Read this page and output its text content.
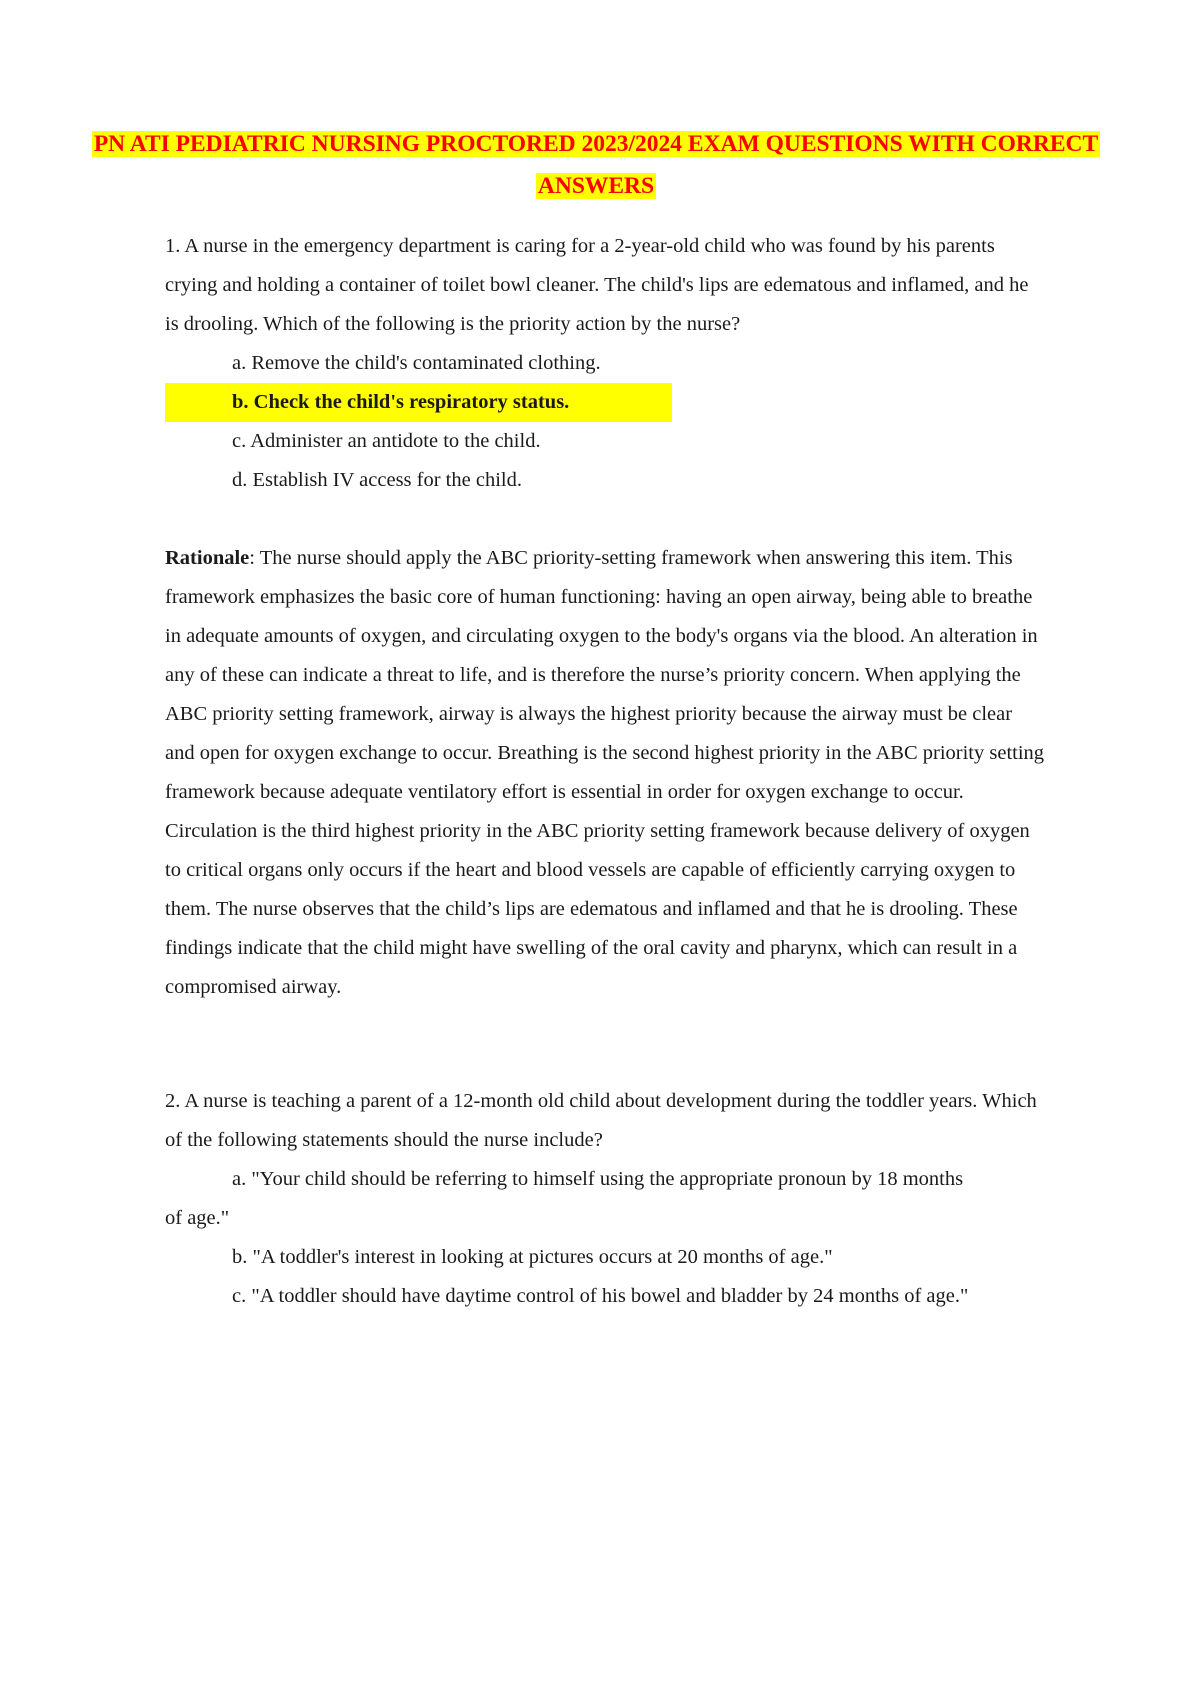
PN ATI PEDIATRIC NURSING PROCTORED 2023/2024 EXAM QUESTIONS WITH CORRECT
ANSWERS
1. A nurse in the emergency department is caring for a 2-year-old child who was found by his parents crying and holding a container of toilet bowl cleaner. The child's lips are edematous and inflamed, and he is drooling. Which of the following is the priority action by the nurse?
a. Remove the child's contaminated clothing.
b. Check the child's respiratory status.
c. Administer an antidote to the child.
d. Establish IV access for the child.
Rationale: The nurse should apply the ABC priority-setting framework when answering this item. This framework emphasizes the basic core of human functioning: having an open airway, being able to breathe in adequate amounts of oxygen, and circulating oxygen to the body's organs via the blood. An alteration in any of these can indicate a threat to life, and is therefore the nurse’s priority concern. When applying the ABC priority setting framework, airway is always the highest priority because the airway must be clear and open for oxygen exchange to occur. Breathing is the second highest priority in the ABC priority setting framework because adequate ventilatory effort is essential in order for oxygen exchange to occur. Circulation is the third highest priority in the ABC priority setting framework because delivery of oxygen to critical organs only occurs if the heart and blood vessels are capable of efficiently carrying oxygen to them. The nurse observes that the child’s lips are edematous and inflamed and that he is drooling. These findings indicate that the child might have swelling of the oral cavity and pharynx, which can result in a compromised airway.
2. A nurse is teaching a parent of a 12-month old child about development during the toddler years. Which of the following statements should the nurse include?
a. "Your child should be referring to himself using the appropriate pronoun by 18 months
of age."
b. "A toddler's interest in looking at pictures occurs at 20 months of age."
c. "A toddler should have daytime control of his bowel and bladder by 24 months of age."
